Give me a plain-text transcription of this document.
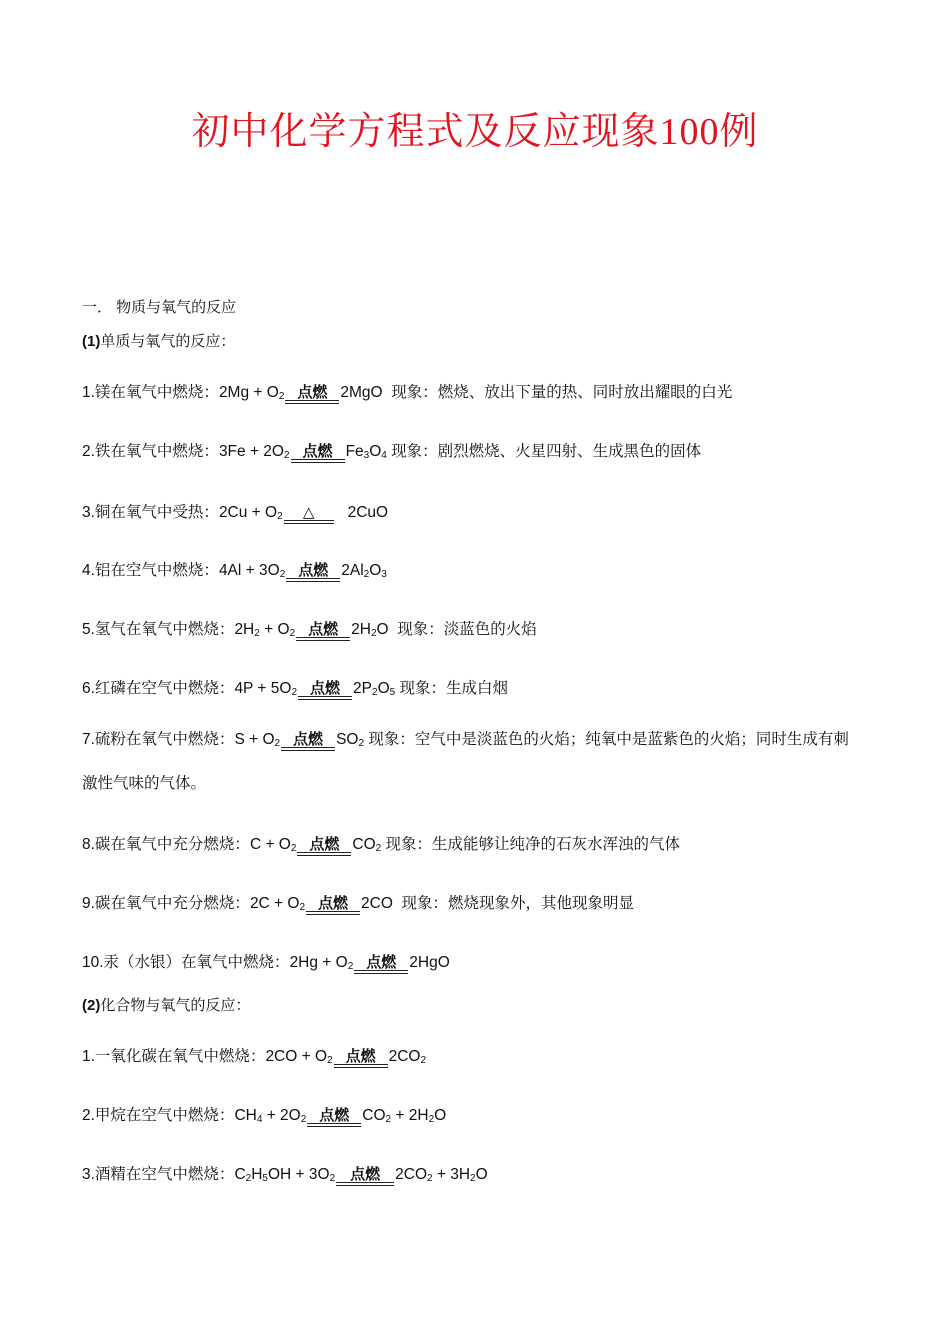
初中化学方程式及反应现象100例
一． 物质与氧气的反应
(1)单质与氧气的反应：
1.镁在氧气中燃烧：$2Mg + O_2$ 点燃 2MgO 现象：燃烧、放出下量的热、同时放出耀眼的白光
2.铁在氧气中燃烧：$3Fe + 2O_2$ 点燃 $Fe_3O_4$ 现象：剧烈燃烧、火星四射、生成黑色的固体
3.铜在氧气中受热：$2Cu + O_2$ △ 2CuO
4.铝在空气中燃烧：$4Al + 3O_2$ 点燃 $2Al_2O_3$
5.氢气在氧气中燃烧：$2H_2 + O_2$ 点燃 $2H_2O$ 现象：淡蓝色的火焰
6.红磷在空气中燃烧：$4P + 5O_2$ 点燃 $2P_2O_5$ 现象：生成白烟
7.硫粉在氧气中燃烧：$S + O_2$ 点燃 $SO_2$ 现象：空气中是淡蓝色的火焰；纯氧中是蓝紫色的火焰；同时生成有刺激性气味的气体。
8.碳在氧气中充分燃烧：$C + O_2$ 点燃 $CO_2$ 现象：生成能够让纯净的石灰水浑浊的气体
9.碳在氧气中充分燃烧：$2C + O_2$ 点燃 2CO 现象：燃烧现象外，其他现象明显
10.汞（水银）在氧气中燃烧：$2Hg + O_2$ 点燃 2HgO
(2)化合物与氧气的反应：
1.一氧化碳在氧气中燃烧：$2CO + O_2$ 点燃 $2CO_2$
2.甲烷在空气中燃烧：$CH_4 + 2O_2$ 点燃 $CO_2 + 2H_2O$
3.酒精在空气中燃烧：$C_2H_5OH + 3O_2$ 点燃 $2CO_2 + 3H_2O$
